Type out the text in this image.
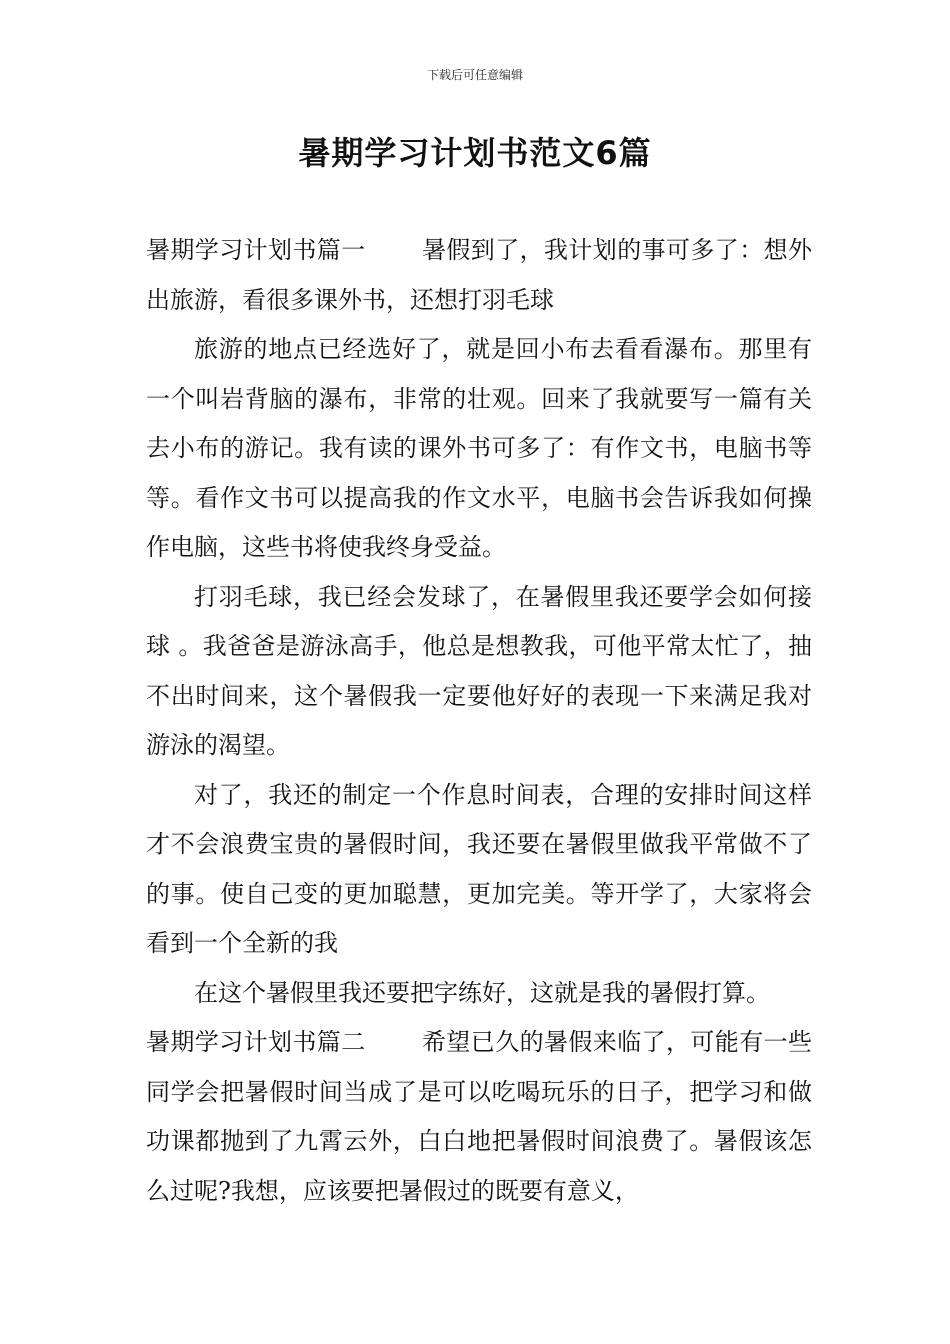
下载后可任意编辑
暑期学习计划书范文6篇

暑期学习计划书篇一 暑假到了，我计划的事可多了：想外出旅游，看很多课外书，还想打羽毛球

旅游的地点已经选好了，就是回小布去看看瀑布。那里有一个叫岩背脑的瀑布，非常的壮观。回来了我就要写一篇有关去小布的游记。我有读的课外书可多了：有作文书，电脑书等等。看作文书可以提高我的作文水平，电脑书会告诉我如何操作电脑，这些书将使我终身受益。

打羽毛球，我已经会发球了，在暑假里我还要学会如何接球 。我爸爸是游泳高手，他总是想教我，可他平常太忙了，抽不出时间来，这个暑假我一定要他好好的表现一下来满足我对游泳的渴望。

对了，我还的制定一个作息时间表，合理的安排时间这样才不会浪费宝贵的暑假时间，我还要在暑假里做我平常做不了的事。使自己变的更加聪慧，更加完美。等开学了，大家将会看到一个全新的我

在这个暑假里我还要把字练好，这就是我的暑假打算。

暑期学习计划书篇二 希望已久的暑假来临了，可能有一些同学会把暑假时间当成了是可以吃喝玩乐的日子，把学习和做功课都抛到了九霄云外，白白地把暑假时间浪费了。暑假该怎么过呢?我想，应该要把暑假过的既要有意义，
